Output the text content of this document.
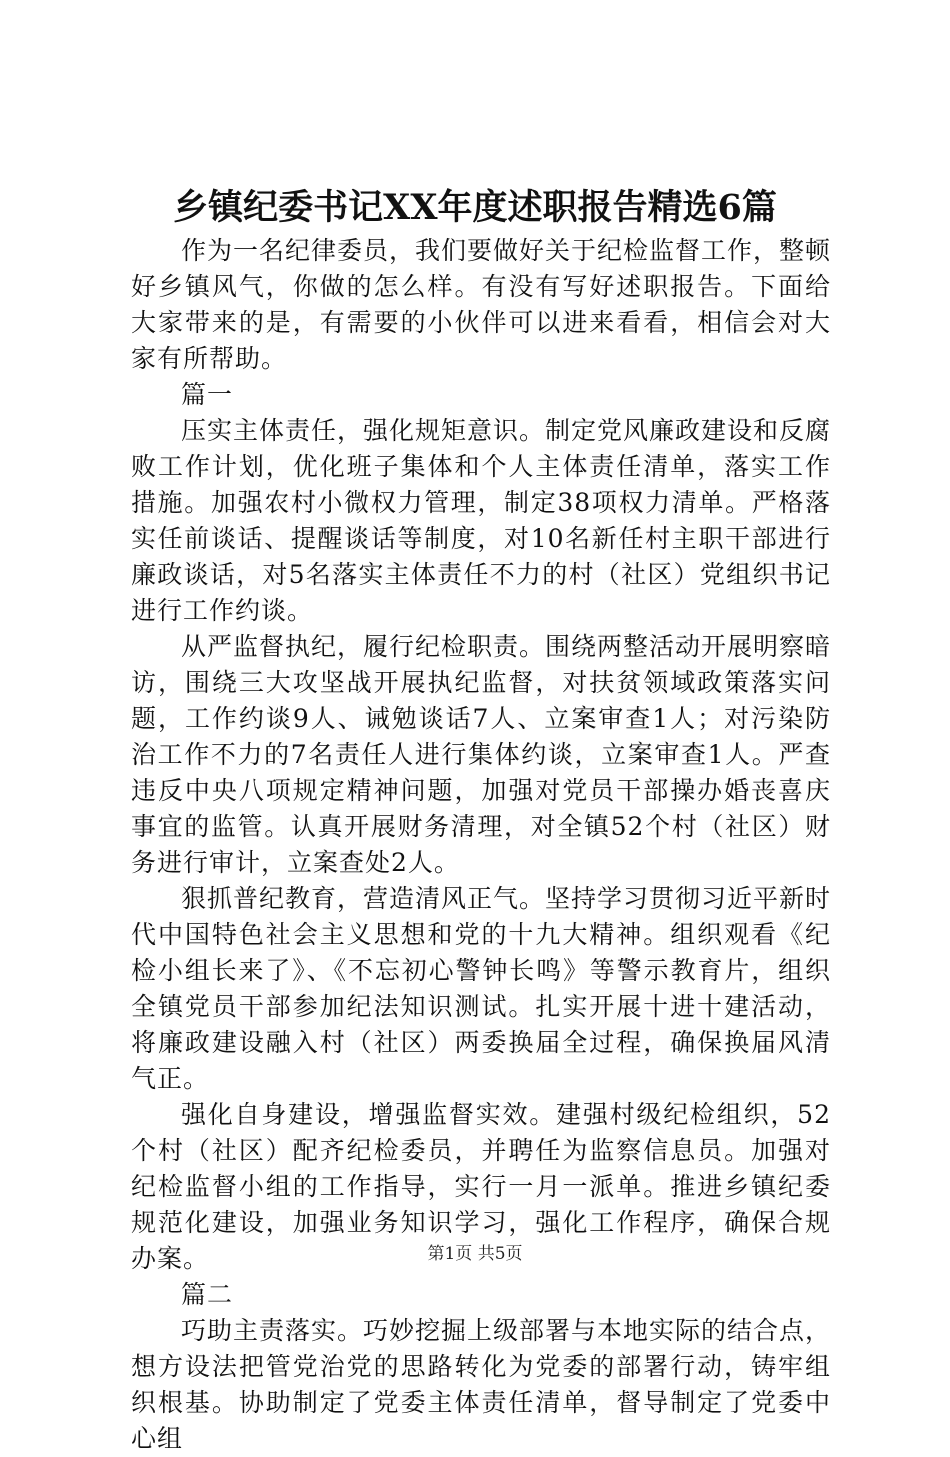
乡镇纪委书记XX年度述职报告精选6篇

作为一名纪律委员，我们要做好关于纪检监督工作，整顿好乡镇风气，你做的怎么样。有没有写好述职报告。下面给大家带来的是，有需要的小伙伴可以进来看看，相信会对大家有所帮助。

篇一

压实主体责任，强化规矩意识。制定党风廉政建设和反腐败工作计划，优化班子集体和个人主体责任清单，落实工作措施。加强农村小微权力管理，制定38项权力清单。严格落实任前谈话、提醒谈话等制度，对10名新任村主职干部进行廉政谈话，对5名落实主体责任不力的村（社区）党组织书记进行工作约谈。

从严监督执纪，履行纪检职责。围绕两整活动开展明察暗访，围绕三大攻坚战开展执纪监督，对扶贫领域政策落实问题，工作约谈9人、诫勉谈话7人、立案审查1人；对污染防治工作不力的7名责任人进行集体约谈，立案审查1人。严查违反中央八项规定精神问题，加强对党员干部操办婚丧喜庆事宜的监管。认真开展财务清理，对全镇52个村（社区）财务进行审计，立案查处2人。

狠抓普纪教育，营造清风正气。坚持学习贯彻习近平新时代中国特色社会主义思想和党的十九大精神。组织观看《纪检小组长来了》、《不忘初心警钟长鸣》等警示教育片，组织全镇党员干部参加纪法知识测试。扎实开展十进十建活动，将廉政建设融入村（社区）两委换届全过程，确保换届风清气正。

强化自身建设，增强监督实效。建强村级纪检组织，52个村（社区）配齐纪检委员，并聘任为监察信息员。加强对纪检监督小组的工作指导，实行一月一派单。推进乡镇纪委规范化建设，加强业务知识学习，强化工作程序，确保合规办案。

篇二

巧助主责落实。巧妙挖掘上级部署与本地实际的结合点，想方设法把管党治党的思路转化为党委的部署行动，铸牢组织根基。协助制定了党委主体责任清单，督导制定了党委中心组

第1页 共5页
